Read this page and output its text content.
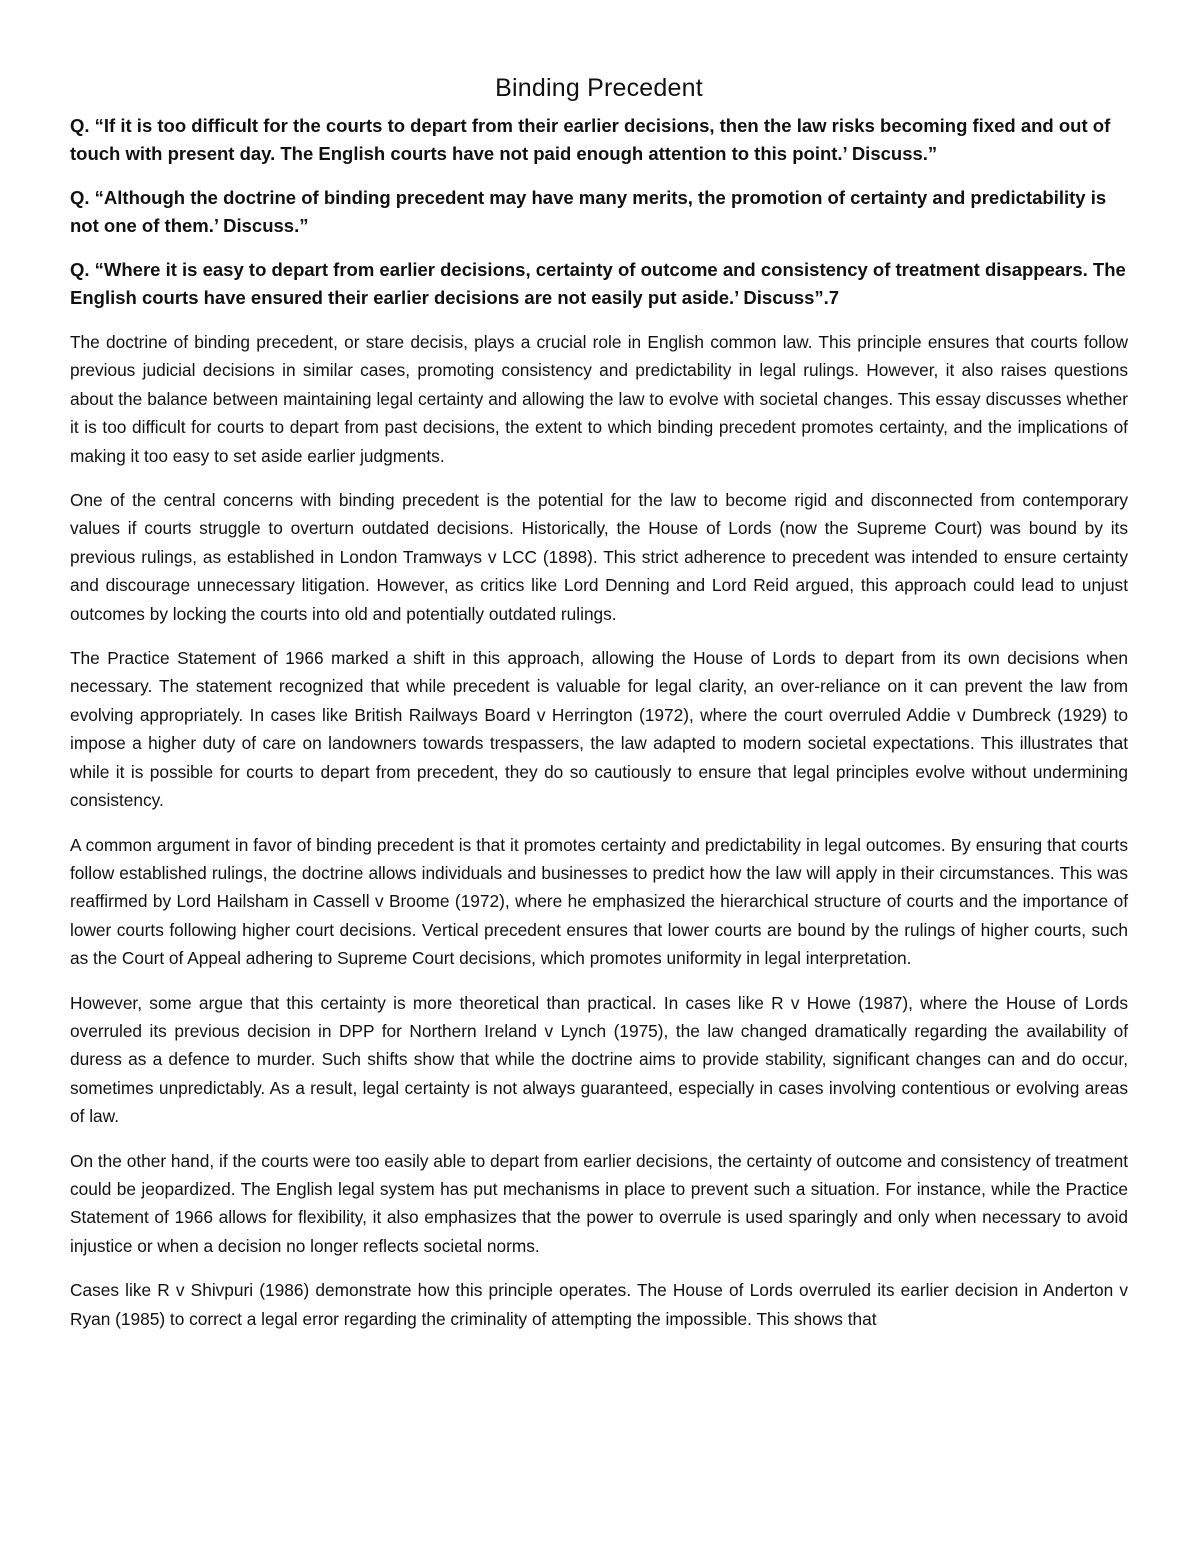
Binding Precedent

Q. “If it is too difficult for the courts to depart from their earlier decisions, then the law risks becoming fixed and out of touch with present day. The English courts have not paid enough attention to this point.’ Discuss.”

Q. “Although the doctrine of binding precedent may have many merits, the promotion of certainty and predictability is not one of them.’ Discuss.”

Q. “Where it is easy to depart from earlier decisions, certainty of outcome and consistency of treatment disappears. The English courts have ensured their earlier decisions are not easily put aside.’ Discuss”.7

The doctrine of binding precedent, or stare decisis, plays a crucial role in English common law. This principle ensures that courts follow previous judicial decisions in similar cases, promoting consistency and predictability in legal rulings. However, it also raises questions about the balance between maintaining legal certainty and allowing the law to evolve with societal changes. This essay discusses whether it is too difficult for courts to depart from past decisions, the extent to which binding precedent promotes certainty, and the implications of making it too easy to set aside earlier judgments.

One of the central concerns with binding precedent is the potential for the law to become rigid and disconnected from contemporary values if courts struggle to overturn outdated decisions. Historically, the House of Lords (now the Supreme Court) was bound by its previous rulings, as established in London Tramways v LCC (1898). This strict adherence to precedent was intended to ensure certainty and discourage unnecessary litigation. However, as critics like Lord Denning and Lord Reid argued, this approach could lead to unjust outcomes by locking the courts into old and potentially outdated rulings.

The Practice Statement of 1966 marked a shift in this approach, allowing the House of Lords to depart from its own decisions when necessary. The statement recognized that while precedent is valuable for legal clarity, an over-reliance on it can prevent the law from evolving appropriately. In cases like British Railways Board v Herrington (1972), where the court overruled Addie v Dumbreck (1929) to impose a higher duty of care on landowners towards trespassers, the law adapted to modern societal expectations. This illustrates that while it is possible for courts to depart from precedent, they do so cautiously to ensure that legal principles evolve without undermining consistency.

A common argument in favor of binding precedent is that it promotes certainty and predictability in legal outcomes. By ensuring that courts follow established rulings, the doctrine allows individuals and businesses to predict how the law will apply in their circumstances. This was reaffirmed by Lord Hailsham in Cassell v Broome (1972), where he emphasized the hierarchical structure of courts and the importance of lower courts following higher court decisions. Vertical precedent ensures that lower courts are bound by the rulings of higher courts, such as the Court of Appeal adhering to Supreme Court decisions, which promotes uniformity in legal interpretation.

However, some argue that this certainty is more theoretical than practical. In cases like R v Howe (1987), where the House of Lords overruled its previous decision in DPP for Northern Ireland v Lynch (1975), the law changed dramatically regarding the availability of duress as a defence to murder. Such shifts show that while the doctrine aims to provide stability, significant changes can and do occur, sometimes unpredictably. As a result, legal certainty is not always guaranteed, especially in cases involving contentious or evolving areas of law.

On the other hand, if the courts were too easily able to depart from earlier decisions, the certainty of outcome and consistency of treatment could be jeopardized. The English legal system has put mechanisms in place to prevent such a situation. For instance, while the Practice Statement of 1966 allows for flexibility, it also emphasizes that the power to overrule is used sparingly and only when necessary to avoid injustice or when a decision no longer reflects societal norms.

Cases like R v Shivpuri (1986) demonstrate how this principle operates. The House of Lords overruled its earlier decision in Anderton v Ryan (1985) to correct a legal error regarding the criminality of attempting the impossible. This shows that
